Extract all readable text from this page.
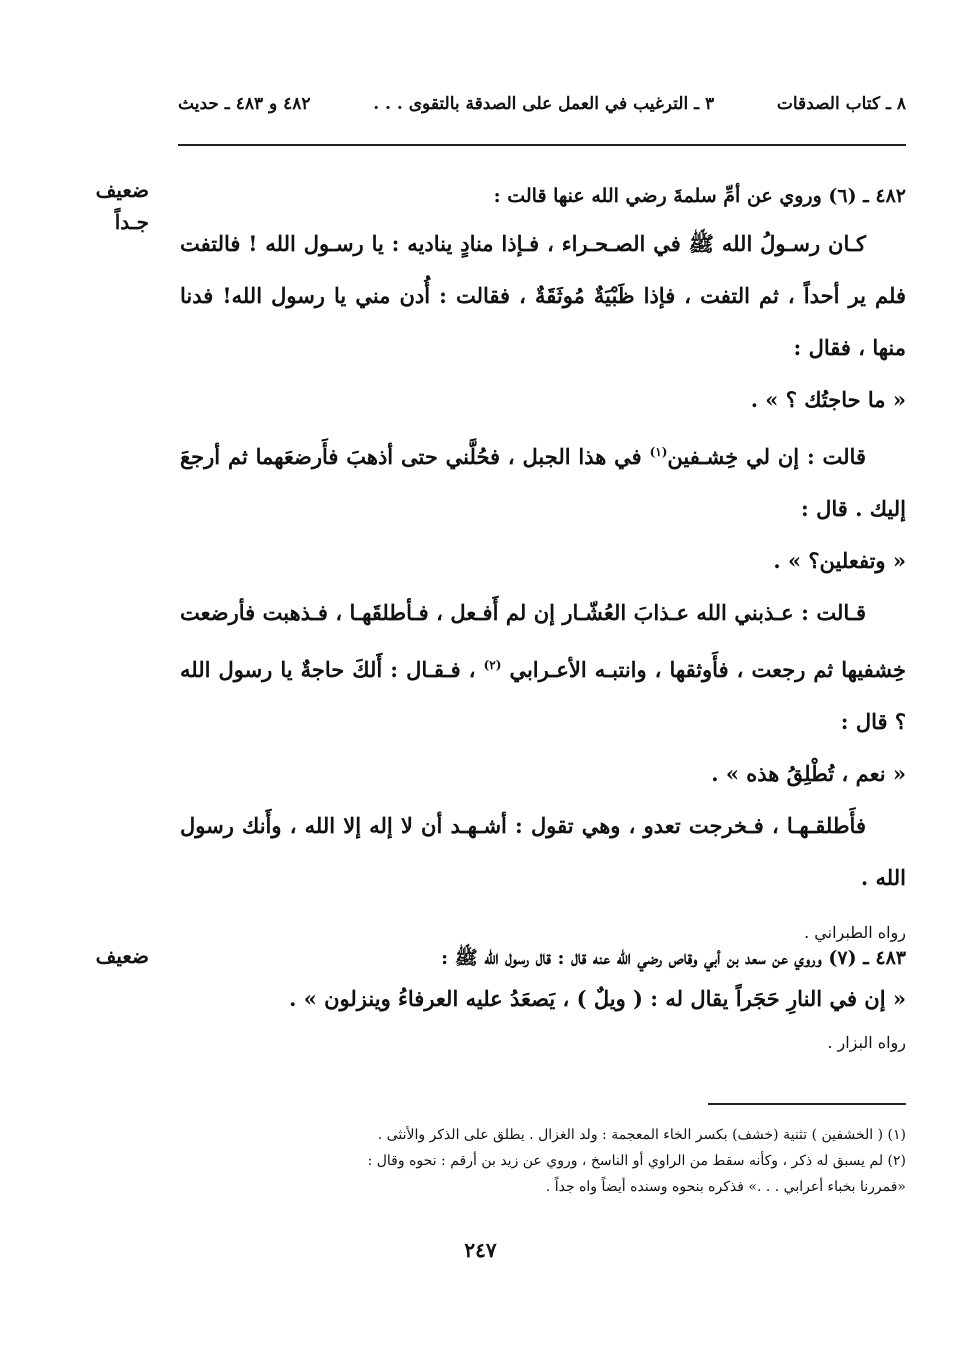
٨ ـ كتاب الصدقات
٣ ـ الترغيب في العمل على الصدقة بالتقوى . . .
٤٨٢ و ٤٨٣ ـ حديث
ضعيف
جـداً
٤٨٢ ـ (٦) وروي عن أمِّ سلمةَ رضي الله عنها قالت :

كـان رسـولُ الله ﷺ في الصـحـراء ، فـإذا منادٍ يناديه : يا رسـول الله ! فالتفت فلم ير أحداً ، ثم التفت ، فإذا ظَبْيَةٌ مُوثَقَةٌ ، فقالت : أُدن مني يا رسول الله! فدنا منها ، فقال :

« ما حاجتُك ؟ » .

قالت : إن لي خِشـفين$^{(١)}$ في هذا الجبل ، فحُلَّني حتى أذهبَ فأَرضعَهما ثم أرجعَ إليك . قال :

« وتفعلين؟ » .

قـالت : عـذبني الله عـذابَ العُشّـار إن لم أَفـعل ، فـأطلقَهـا ، فـذهبت فأرضعت خِشفيها ثم رجعت ، فأَوثقها ، وانتبـه الأعـرابي $^{(٢)}$ ، فـقـال : أَلكَ حاجةٌ يا رسول الله ؟ قال :

« نعم ، تُطْلِقُ هذه » .

فأَطلقـهـا ، فـخرجت تعدو ، وهي تقول : أشـهـد أن لا إله إلا الله ، وأَنك رسول الله .

رواه الطبراني .

ضعيف	٤٨٣ ـ (٧) وروي عن سعد بن أبي وقاص رضي الله عنه قال : قال رسول الله ﷺ :

« إن في النارِ حَجَراً يقال له : ( ويلٌ ) ، يَصعَدُ عليه العرفاءُ وينزلون » .

رواه البزار .

(١) ( الخشفين ) تثنية (خشف) بكسر الخاء المعجمة : ولد الغزال . يطلق على الذكر والأنثى .

(٢) لم يسبق له ذكر ، وكأنه سقط من الراوي أو الناسخ ، وروي عن زيد بن أرقم : نحوه وقال :

«فمررنا بخباء أعرابي . . .» فذكره بنحوه وسنده أيضاً واه جداً .

٢٤٧
